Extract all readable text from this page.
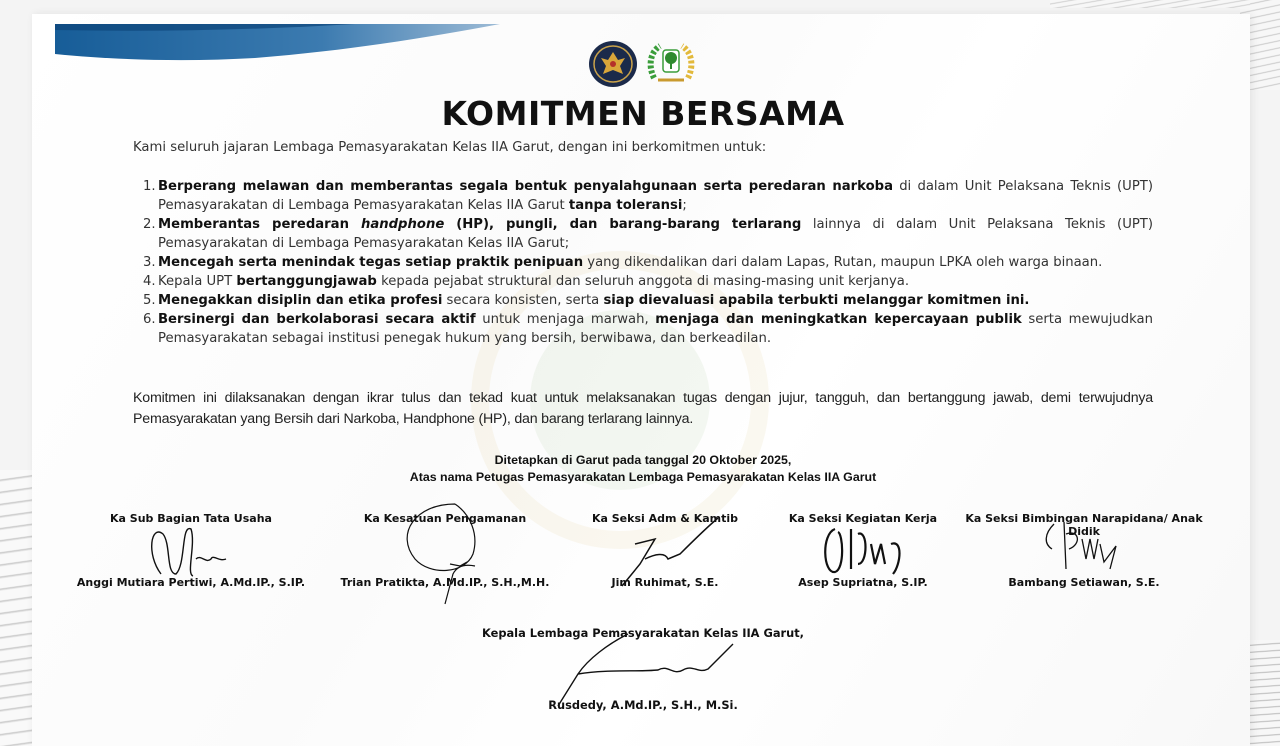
KOMITMEN BERSAMA
Kami seluruh jajaran Lembaga Pemasyarakatan Kelas IIA Garut, dengan ini berkomitmen untuk:
1. Berperang melawan dan memberantas segala bentuk penyalahgunaan serta peredaran narkoba di dalam Unit Pelaksana Teknis (UPT) Pemasyarakatan di Lembaga Pemasyarakatan Kelas IIA Garut tanpa toleransi;
2. Memberantas peredaran handphone (HP), pungli, dan barang-barang terlarang lainnya di dalam Unit Pelaksana Teknis (UPT) Pemasyarakatan di Lembaga Pemasyarakatan Kelas IIA Garut;
3. Mencegah serta menindak tegas setiap praktik penipuan yang dikendalikan dari dalam Lapas, Rutan, maupun LPKA oleh warga binaan.
4. Kepala UPT bertanggungjawab kepada pejabat struktural dan seluruh anggota di masing-masing unit kerjanya.
5. Menegakkan disiplin dan etika profesi secara konsisten, serta siap dievaluasi apabila terbukti melanggar komitmen ini.
6. Bersinergi dan berkolaborasi secara aktif untuk menjaga marwah, menjaga dan meningkatkan kepercayaan publik serta mewujudkan Pemasyarakatan sebagai institusi penegak hukum yang bersih, berwibawa, dan berkeadilan.
Komitmen ini dilaksanakan dengan ikrar tulus dan tekad kuat untuk melaksanakan tugas dengan jujur, tangguh, dan bertanggung jawab, demi terwujudnya Pemasyarakatan yang Bersih dari Narkoba, Handphone (HP), dan barang terlarang lainnya.
Ditetapkan di Garut pada tanggal 20 Oktober 2025,
Atas nama Petugas Pemasyarakatan Lembaga Pemasyarakatan Kelas IIA Garut
Ka Sub Bagian Tata Usaha
Anggi Mutiara Pertiwi, A.Md.IP., S.IP.
Ka Kesatuan Pengamanan
Trian Pratikta, A.Md.IP., S.H.,M.H.
Ka Seksi Adm & Kamtib
Jim Ruhimat, S.E.
Ka Seksi Kegiatan Kerja
Asep Supriatna, S.IP.
Ka Seksi Bimbingan Narapidana/ Anak Didik
Bambang Setiawan, S.E.
Kepala Lembaga Pemasyarakatan Kelas IIA Garut,
Rusdedy, A.Md.IP., S.H., M.Si.
